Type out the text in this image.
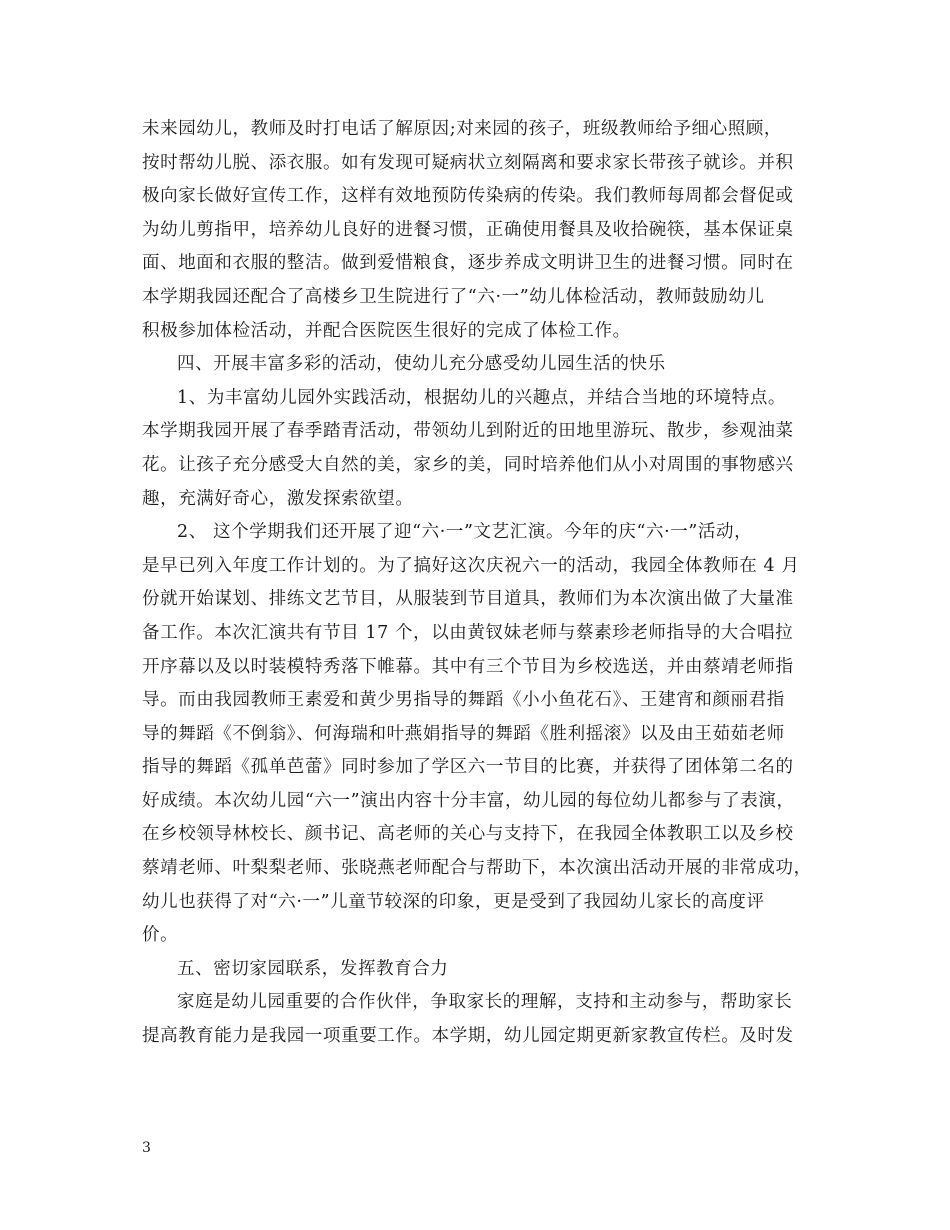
未来园幼儿，教师及时打电话了解原因;对来园的孩子，班级教师给予细心照顾，
按时帮幼儿脱、添衣服。如有发现可疑病状立刻隔离和要求家长带孩子就诊。并积
极向家长做好宣传工作，这样有效地预防传染病的传染。我们教师每周都会督促或
为幼儿剪指甲，培养幼儿良好的进餐习惯，正确使用餐具及收拾碗筷，基本保证桌
面、地面和衣服的整洁。做到爱惜粮食，逐步养成文明讲卫生的进餐习惯。同时在
本学期我园还配合了高楼乡卫生院进行了“六·一”幼儿体检活动，教师鼓励幼儿
积极参加体检活动，并配合医院医生很好的完成了体检工作。
四、开展丰富多彩的活动，使幼儿充分感受幼儿园生活的快乐
1、为丰富幼儿园外实践活动，根据幼儿的兴趣点，并结合当地的环境特点。
本学期我园开展了春季踏青活动，带领幼儿到附近的田地里游玩、散步，参观油菜
花。让孩子充分感受大自然的美，家乡的美，同时培养他们从小对周围的事物感兴
趣，充满好奇心，激发探索欲望。
2、 这个学期我们还开展了迎“六·一”文艺汇演。今年的庆“六·一”活动，
是早已列入年度工作计划的。为了搞好这次庆祝六一的活动，我园全体教师在 4 月
份就开始谋划、排练文艺节目，从服装到节目道具，教师们为本次演出做了大量准
备工作。本次汇演共有节目 17 个，以由黄钗妹老师与蔡素珍老师指导的大合唱拉
开序幕以及以时装模特秀落下帷幕。其中有三个节目为乡校选送，并由蔡靖老师指
导。而由我园教师王素爱和黄少男指导的舞蹈《小小鱼花石》、王建宵和颜丽君指
导的舞蹈《不倒翁》、何海瑞和叶燕娟指导的舞蹈《胜利摇滚》以及由王茹茹老师
指导的舞蹈《孤单芭蕾》同时参加了学区六一节目的比赛，并获得了团体第二名的
好成绩。本次幼儿园“六一”演出内容十分丰富，幼儿园的每位幼儿都参与了表演，
在乡校领导林校长、颜书记、高老师的关心与支持下，在我园全体教职工以及乡校
蔡靖老师、叶梨梨老师、张晓燕老师配合与帮助下，本次演出活动开展的非常成功，
幼儿也获得了对“六·一”儿童节较深的印象，更是受到了我园幼儿家长的高度评
价。
五、密切家园联系，发挥教育合力
家庭是幼儿园重要的合作伙伴，争取家长的理解，支持和主动参与，帮助家长
提高教育能力是我园一项重要工作。本学期，幼儿园定期更新家教宣传栏。及时发
3
